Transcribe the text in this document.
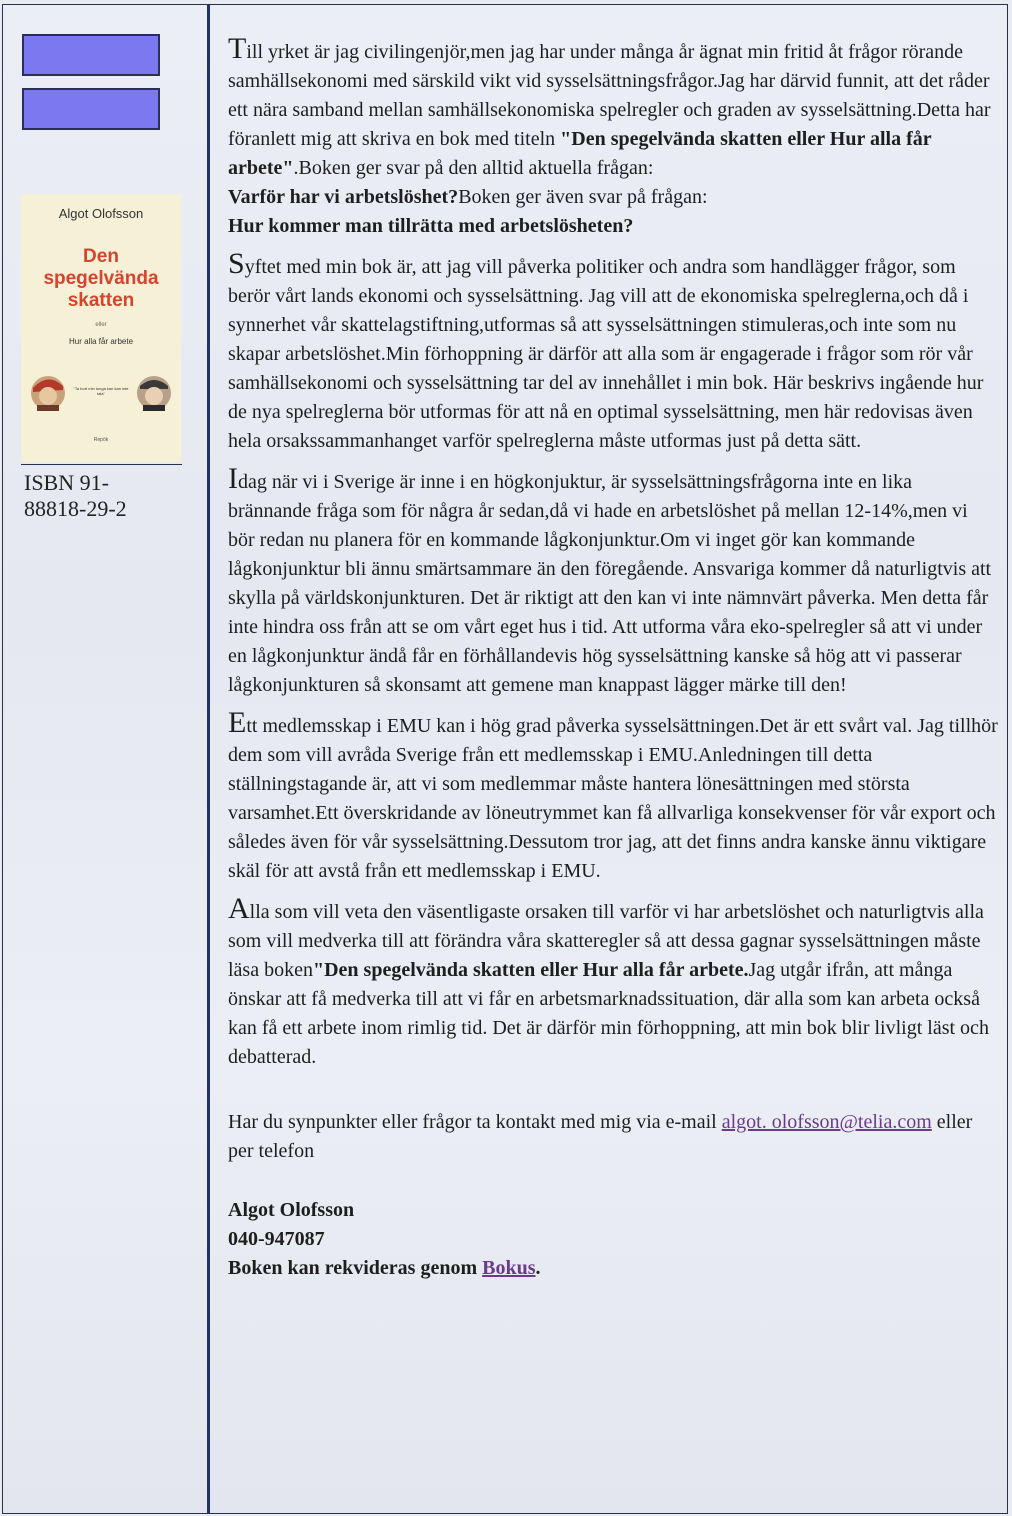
Algot Olofsson
Den
spegelvända
skatten
eller
Hur alla får arbete
"Ta bort min tunga kan kan inte tala"
Repök
ISBN 91-
88818-29-2

Till yrket är jag civilingenjör,men jag har under många år ägnat min fritid åt frågor rörande samhällsekonomi med särskild vikt vid sysselsättningsfrågor.Jag har därvid funnit, att det råder ett nära samband mellan samhällsekonomiska spelregler och graden av sysselsättning.Detta har föranlett mig att skriva en bok med titeln "Den spegelvända skatten eller Hur alla får arbete".Boken ger svar på den alltid aktuella frågan:
Varför har vi arbetslöshet?Boken ger även svar på frågan:
Hur kommer man tillrätta med arbetslösheten?

Syftet med min bok är, att jag vill påverka politiker och andra som handlägger frågor, som berör vårt lands ekonomi och sysselsättning. Jag vill att de ekonomiska spelreglerna,och då i synnerhet vår skattelagstiftning,utformas så att sysselsättningen stimuleras,och inte som nu skapar arbetslöshet.Min förhoppning är därför att alla som är engagerade i frågor som rör vår samhällsekonomi och sysselsättning tar del av innehållet i min bok. Här beskrivs ingående hur de nya spelreglerna bör utformas för att nå en optimal sysselsättning, men här redovisas även hela orsakssammanhanget varför spelreglerna måste utformas just på detta sätt.

Idag när vi i Sverige är inne i en högkonjuktur, är sysselsättningsfrågorna inte en lika brännande fråga som för några år sedan,då vi hade en arbetslöshet på mellan 12-14%,men vi bör redan nu planera för en kommande lågkonjunktur.Om vi inget gör kan kommande lågkonjunktur bli ännu smärtsammare än den föregående. Ansvariga kommer då naturligtvis att skylla på världskonjunkturen. Det är riktigt att den kan vi inte nämnvärt påverka. Men detta får inte hindra oss från att se om vårt eget hus i tid. Att utforma våra eko-spelregler så att vi under en lågkonjunktur ändå får en förhållandevis hög sysselsättning kanske så hög att vi passerar lågkonjunkturen så skonsamt att gemene man knappast lägger märke till den!

Ett medlemsskap i EMU kan i hög grad påverka sysselsättningen.Det är ett svårt val. Jag tillhör dem som vill avråda Sverige från ett medlemsskap i EMU.Anledningen till detta ställningstagande är, att vi som medlemmar måste hantera lönesättningen med största varsamhet.Ett överskridande av löneutrymmet kan få allvarliga konsekvenser för vår export och således även för vår sysselsättning.Dessutom tror jag, att det finns andra kanske ännu viktigare skäl för att avstå från ett medlemsskap i EMU.

Alla som vill veta den väsentligaste orsaken till varför vi har arbetslöshet och naturligtvis alla som vill medverka till att förändra våra skatteregler så att dessa gagnar sysselsättningen måste läsa boken"Den spegelvända skatten eller Hur alla får arbete.Jag utgår ifrån, att många önskar att få medverka till att vi får en arbetsmarknadssituation, där alla som kan arbeta också kan få ett arbete inom rimlig tid. Det är därför min förhoppning, att min bok blir livligt läst och debatterad.

Har du synpunkter eller frågor ta kontakt med mig via e-mail algot. olofsson@telia.com eller per telefon

Algot Olofsson
040-947087
Boken kan rekvideras genom Bokus.
